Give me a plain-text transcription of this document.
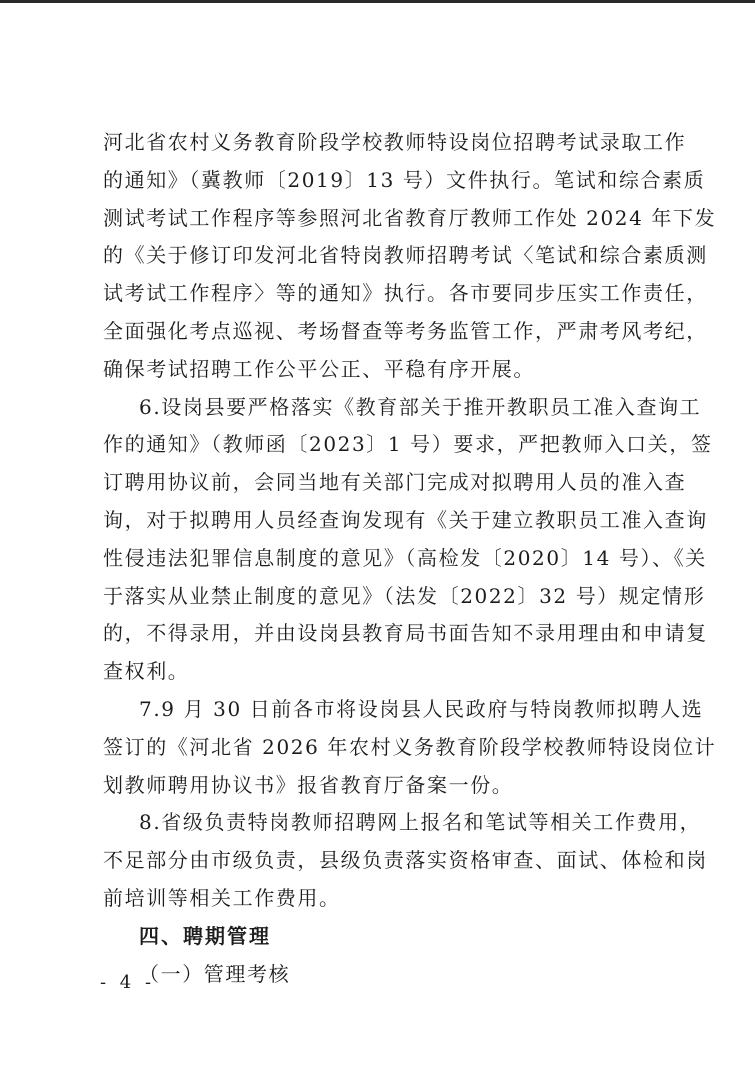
河北省农村义务教育阶段学校教师特设岗位招聘考试录取工作
的通知》（冀教师〔2019〕13 号）文件执行。笔试和综合素质
测试考试工作程序等参照河北省教育厅教师工作处 2024 年下发
的《关于修订印发河北省特岗教师招聘考试〈笔试和综合素质测
试考试工作程序〉等的通知》执行。各市要同步压实工作责任，
全面强化考点巡视、考场督查等考务监管工作，严肃考风考纪，
确保考试招聘工作公平公正、平稳有序开展。
6.设岗县要严格落实《教育部关于推开教职员工准入查询工
作的通知》（教师函〔2023〕1 号）要求，严把教师入口关，签
订聘用协议前，会同当地有关部门完成对拟聘用人员的准入查
询，对于拟聘用人员经查询发现有《关于建立教职员工准入查询
性侵违法犯罪信息制度的意见》（高检发〔2020〕14 号）、《关
于落实从业禁止制度的意见》（法发〔2022〕32 号）规定情形
的，不得录用，并由设岗县教育局书面告知不录用理由和申请复
查权利。
7.9 月 30 日前各市将设岗县人民政府与特岗教师拟聘人选
签订的《河北省 2026 年农村义务教育阶段学校教师特设岗位计
划教师聘用协议书》报省教育厅备案一份。
8.省级负责特岗教师招聘网上报名和笔试等相关工作费用，
不足部分由市级负责，县级负责落实资格审查、面试、体检和岗
前培训等相关工作费用。
四、聘期管理
（一）管理考核
- 4 -
